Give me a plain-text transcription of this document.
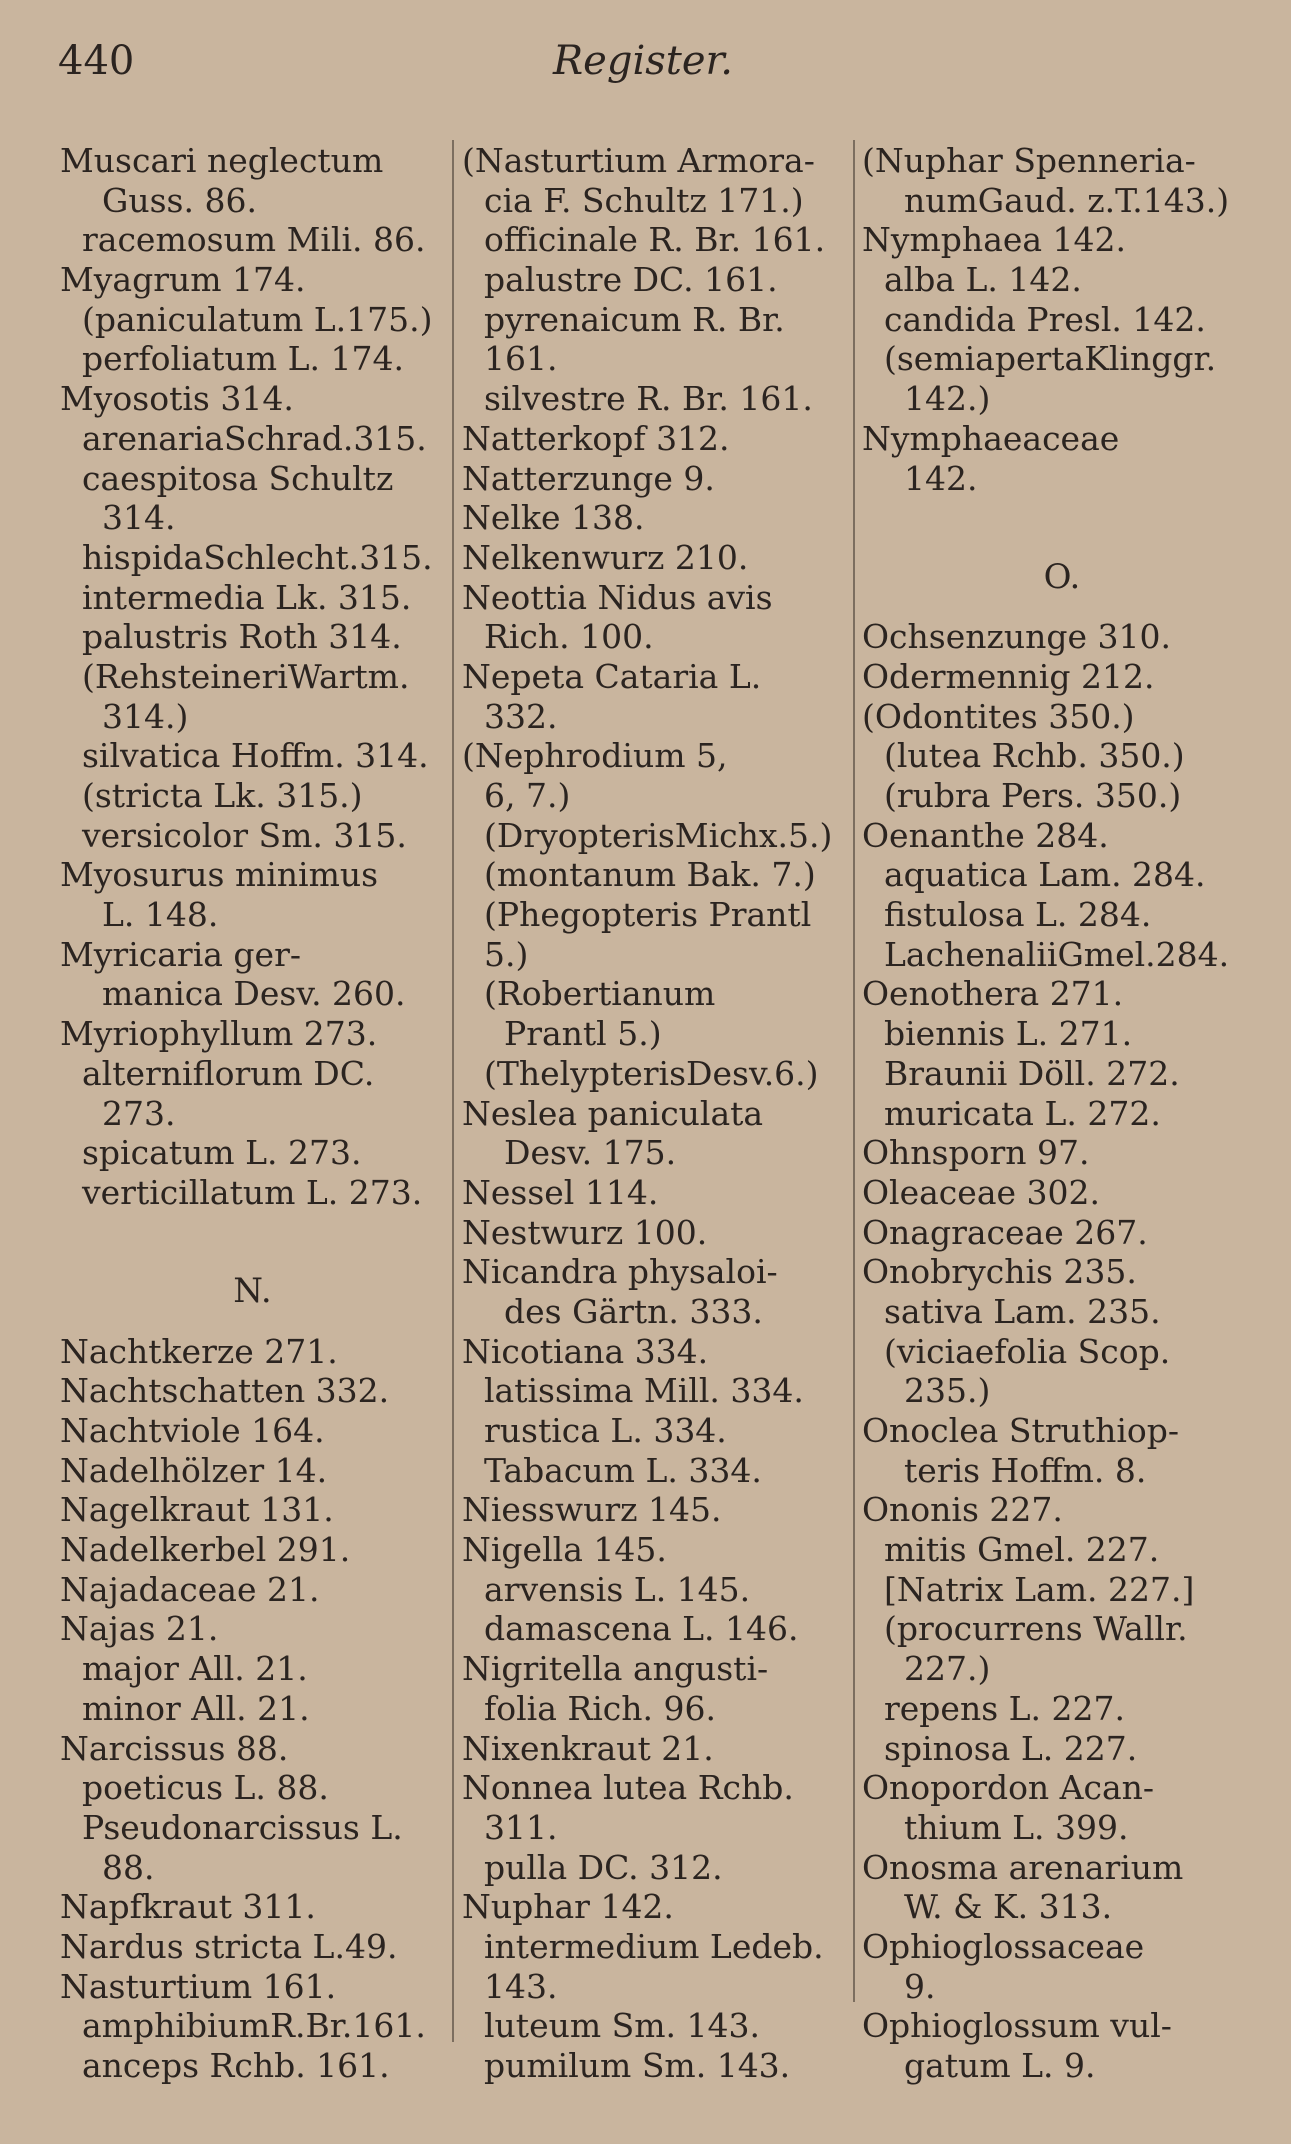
440	Register.
Muscari neglectum
Guss. 86.
racemosum Mili. 86.
Myagrum 174.
(paniculatum L.175.)
perfoliatum L. 174.
Myosotis 314.
arenariaSchrad.315.
caespitosa Schultz
314.
hispidaSchlecht.315.
intermedia Lk. 315.
palustris Roth 314.
(RehsteineriWartm.
314.)
silvatica Hoffm. 314.
(stricta Lk. 315.)
versicolor Sm. 315.
Myosurus minimus
L. 148.
Myricaria ger-
manica Desv. 260.
Myriophyllum 273.
alterniflorum DC.
273.
spicatum L. 273.
verticillatum L. 273.
N.
Nachtkerze 271.
Nachtschatten 332.
Nachtviole 164.
Nadelhölzer 14.
Nagelkraut 131.
Nadelkerbel 291.
Najadaceae 21.
Najas 21.
major All. 21.
minor All. 21.
Narcissus 88.
poeticus L. 88.
Pseudonarcissus L.
88.
Napfkraut 311.
Nardus stricta L.49.
Nasturtium 161.
amphibiumR.Br.161.
anceps Rchb. 161.
(Nasturtium Armora-
cia F. Schultz 171.)
officinale R. Br. 161.
palustre DC. 161.
pyrenaicum R. Br.
161.
silvestre R. Br. 161.
Natterkopf 312.
Natterzunge 9.
Nelke 138.
Nelkenwurz 210.
Neottia Nidus avis
Rich. 100.
Nepeta Cataria L.
332.
(Nephrodium 5,
6, 7.)
(DryopterisMichx.5.)
(montanum Bak. 7.)
(Phegopteris Prantl
5.)
(Robertianum
Prantl 5.)
(ThelypterisDesv.6.)
Neslea paniculata
Desv. 175.
Nessel 114.
Nestwurz 100.
Nicandra physaloi-
des Gärtn. 333.
Nicotiana 334.
latissima Mill. 334.
rustica L. 334.
Tabacum L. 334.
Niesswurz 145.
Nigella 145.
arvensis L. 145.
damascena L. 146.
Nigritella angusti-
folia Rich. 96.
Nixenkraut 21.
Nonnea lutea Rchb.
311.
pulla DC. 312.
Nuphar 142.
intermedium Ledeb.
143.
luteum Sm. 143.
pumilum Sm. 143.
(Nuphar Spenneria-
numGaud. z.T.143.)
Nymphaea 142.
alba L. 142.
candida Presl. 142.
(semiapertaKlinggr.
142.)
Nymphaeaceae
142.
O.
Ochsenzunge 310.
Odermennig 212.
(Odontites 350.)
(lutea Rchb. 350.)
(rubra Pers. 350.)
Oenanthe 284.
aquatica Lam. 284.
fistulosa L. 284.
LachenaliiGmel.284.
Oenothera 271.
biennis L. 271.
Braunii Döll. 272.
muricata L. 272.
Ohnsporn 97.
Oleaceae 302.
Onagraceae 267.
Onobrychis 235.
sativa Lam. 235.
(viciaefolia Scop.
235.)
Onoclea Struthiop-
teris Hoffm. 8.
Ononis 227.
mitis Gmel. 227.
[Natrix Lam. 227.]
(procurrens Wallr.
227.)
repens L. 227.
spinosa L. 227.
Onopordon Acan-
thium L. 399.
Onosma arenarium
W. & K. 313.
Ophioglossaceae
9.
Ophioglossum vul-
gatum L. 9.
